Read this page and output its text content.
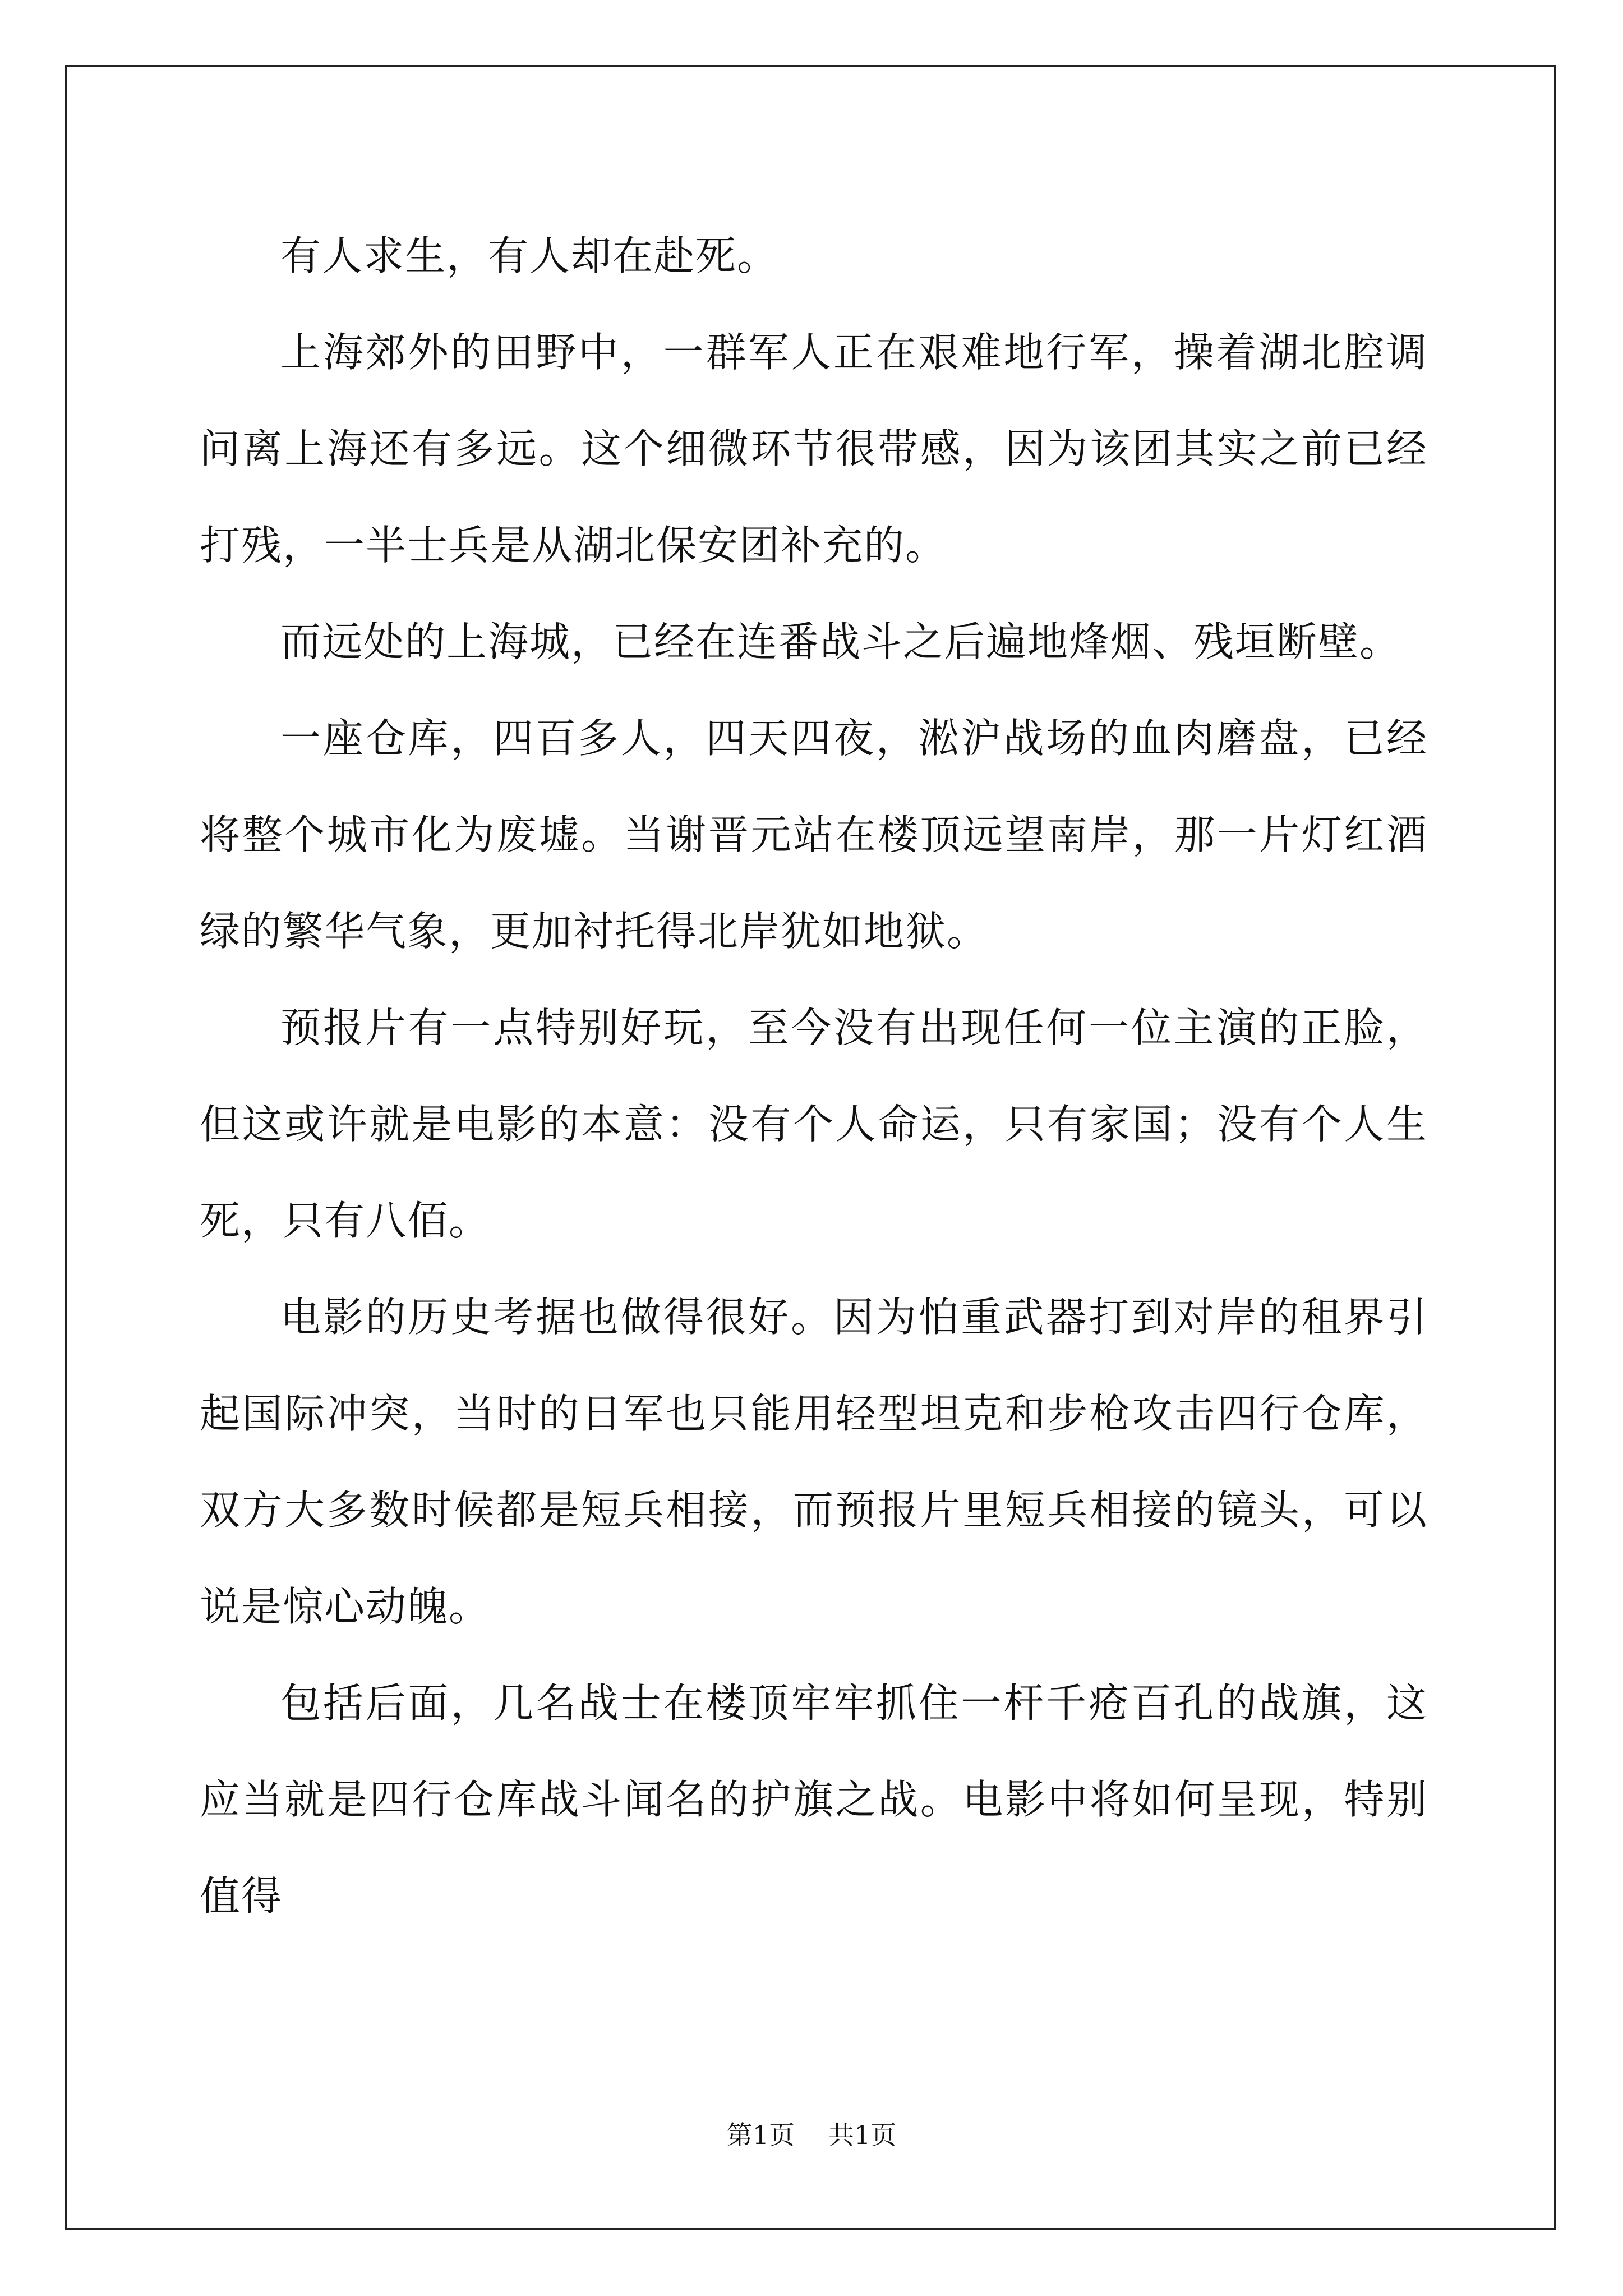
有人求生，有人却在赴死。

上海郊外的田野中，一群军人正在艰难地行军，操着湖北腔调问离上海还有多远。这个细微环节很带感，因为该团其实之前已经打残，一半士兵是从湖北保安团补充的。

而远处的上海城，已经在连番战斗之后遍地烽烟、残垣断壁。

一座仓库，四百多人，四天四夜，淞沪战场的血肉磨盘，已经将整个城市化为废墟。当谢晋元站在楼顶远望南岸，那一片灯红酒绿的繁华气象，更加衬托得北岸犹如地狱。

预报片有一点特别好玩，至今没有出现任何一位主演的正脸，但这或许就是电影的本意：没有个人命运，只有家国；没有个人生死，只有八佰。

电影的历史考据也做得很好。因为怕重武器打到对岸的租界引起国际冲突，当时的日军也只能用轻型坦克和步枪攻击四行仓库，双方大多数时候都是短兵相接，而预报片里短兵相接的镜头，可以说是惊心动魄。

包括后面，几名战士在楼顶牢牢抓住一杆千疮百孔的战旗，这应当就是四行仓库战斗闻名的护旗之战。电影中将如何呈现，特别值得

第1页 共1页
